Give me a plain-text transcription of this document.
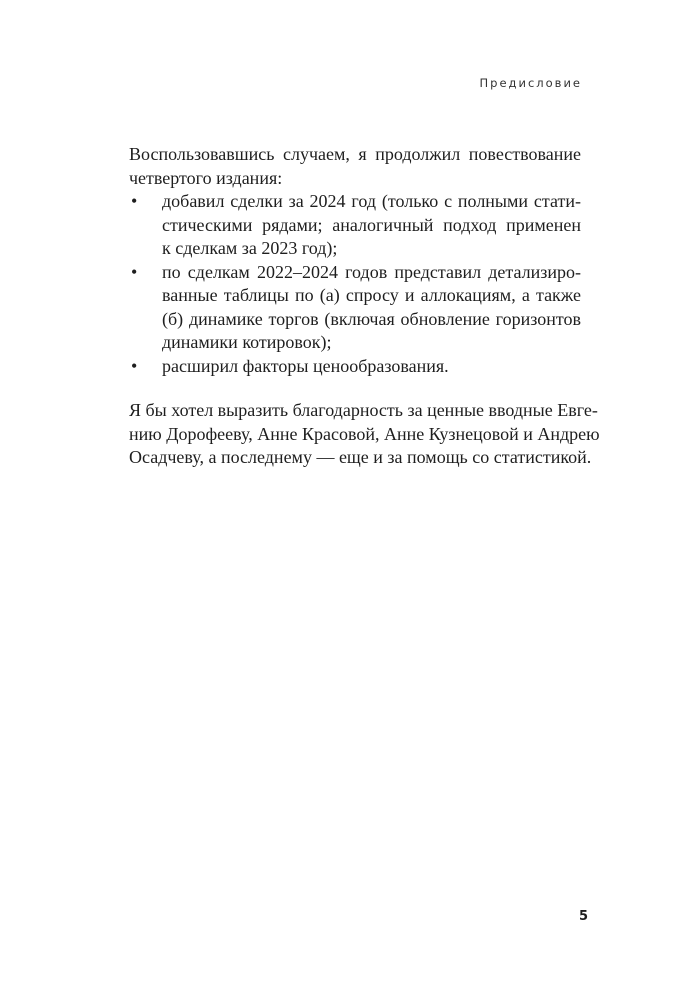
Предисловие
Воспользовавшись случаем, я продолжил повествование
четвертого издания:
• добавил сделки за 2024 год (только с полными стати-
стическими рядами; аналогичный подход применен
к сделкам за 2023 год);
• по сделкам 2022–2024 годов представил детализиро-
ванные таблицы по (а) спросу и аллокациям, а также
(б) динамике торгов (включая обновление горизонтов
динамики котировок);
• расширил факторы ценообразования.
Я бы хотел выразить благодарность за ценные вводные Евге-
нию Дорофееву, Анне Красовой, Анне Кузнецовой и Андрею
Осадчеву, а последнему — еще и за помощь со статистикой.
5
